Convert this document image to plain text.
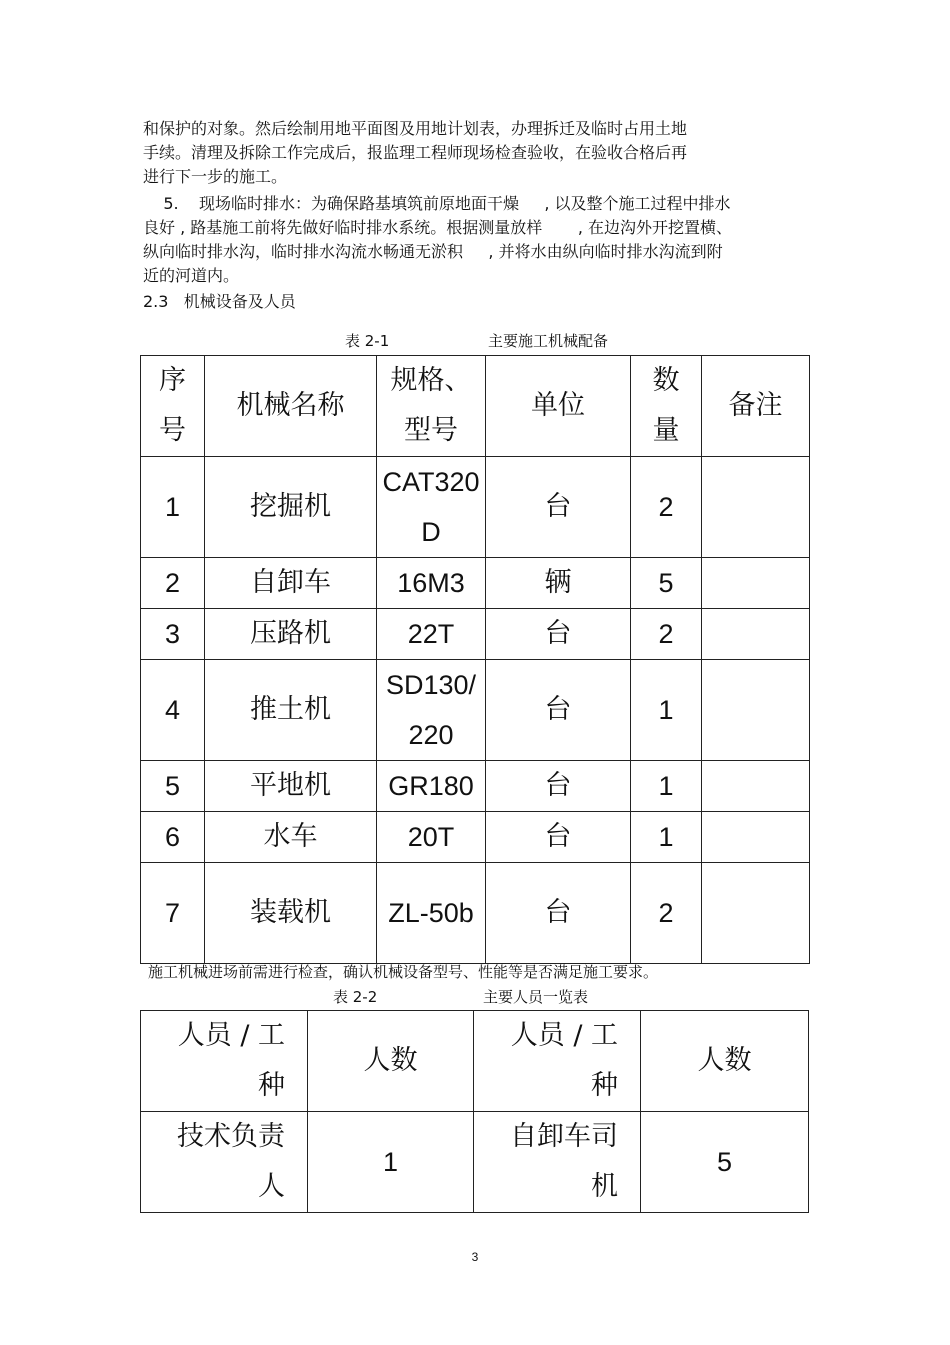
和保护的对象。然后绘制用地平面图及用地计划表，办理拆迁及临时占用土地

手续。清理及拆除工作完成后，报监理工程师现场检查验收，在验收合格后再

进行下一步的施工。

5.    现场临时排水：为确保路基填筑前原地面干燥     , 以及整个施工过程中排水

良好 , 路基施工前将先做好临时排水系统。根据测量放样       , 在边沟外开挖置横、

纵向临时排水沟，临时排水沟流水畅通无淤积     , 并将水由纵向临时排水沟流到附

近的河道内。

2.3   机械设备及人员
表 2-1	主要施工机械配备
序号	机械名称	规格、型号	单位	数量	备注
1	挖掘机	CAT320D	台	2	
2	自卸车	16M3	辆	5	
3	压路机	22T	台	2	
4	推土机	SD130/220	台	1	
5	平地机	GR180	台	1	
6	水车	20T	台	1	
7	装载机	ZL-50b	台	2	
施工机械进场前需进行检查，确认机械设备型号、性能等是否满足施工要求。
表 2-2	主要人员一览表
人员 / 工种	人数	人员 / 工种	人数
技术负责人	1	自卸车司机	5
3
